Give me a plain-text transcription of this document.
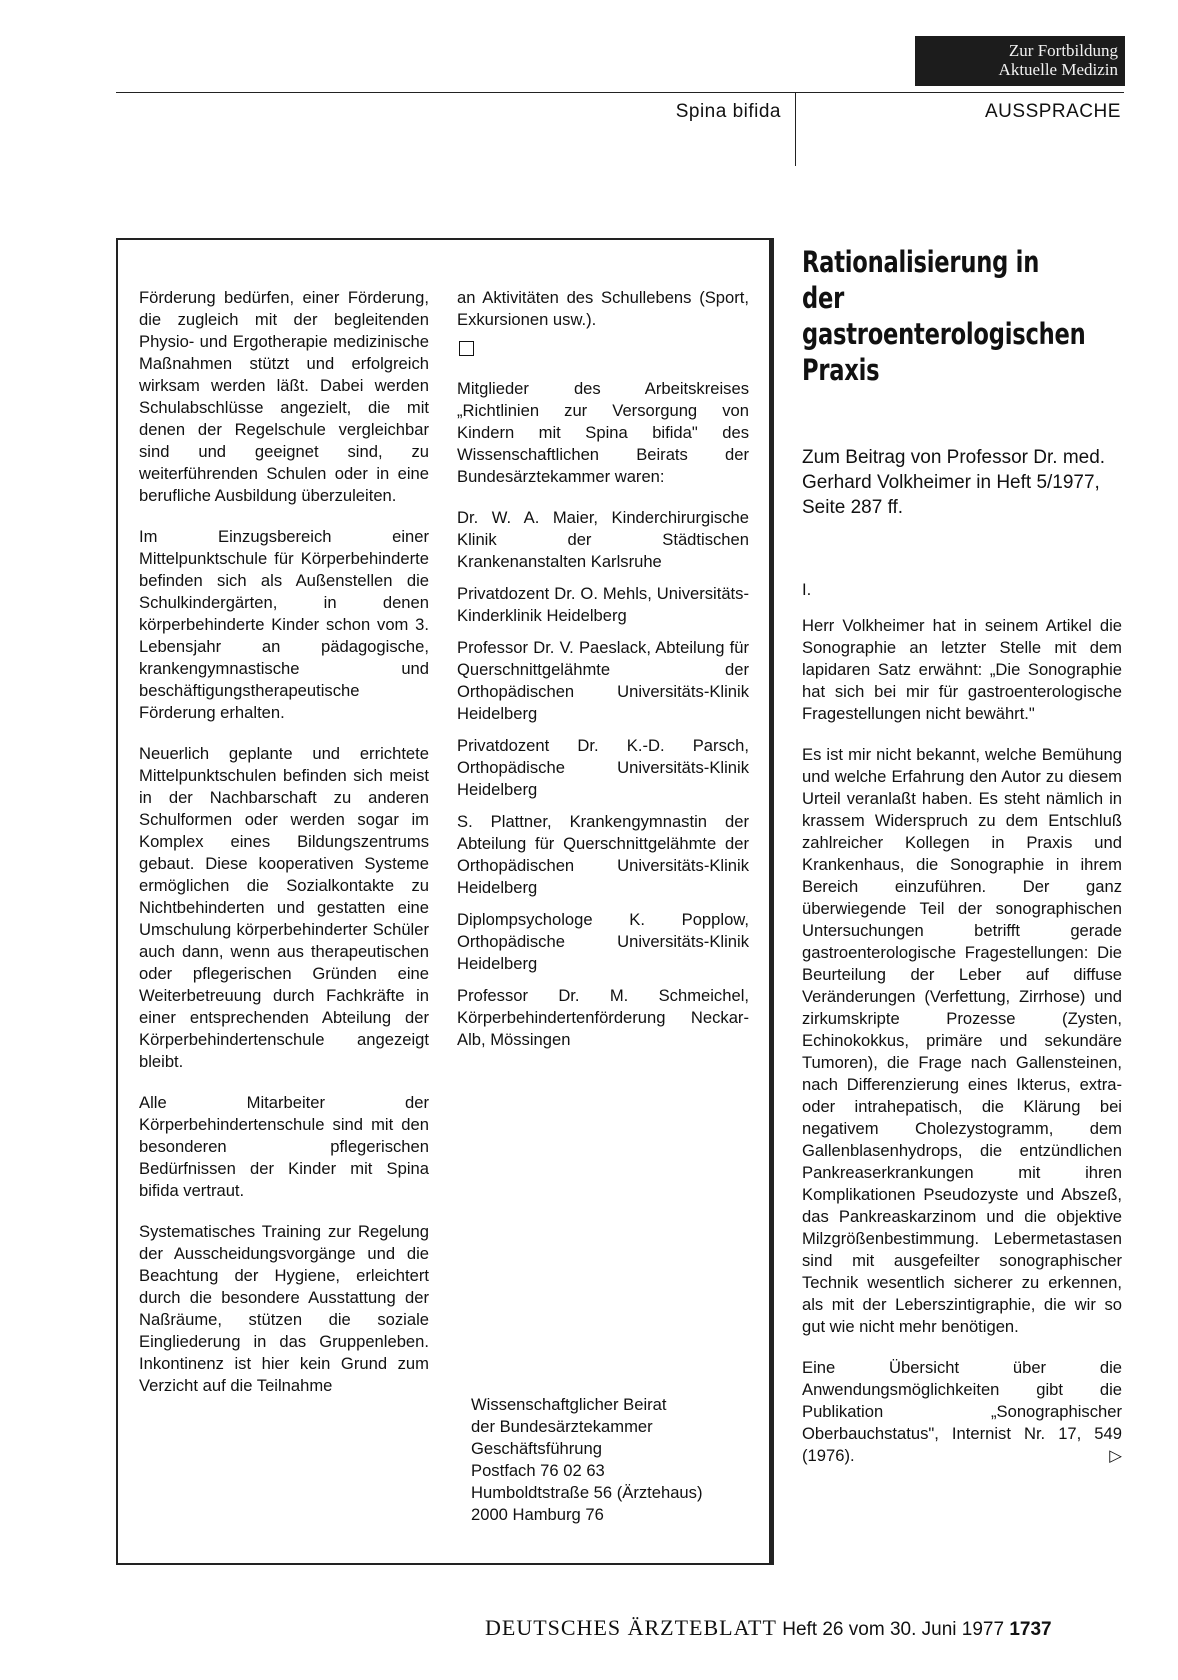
Zur Fortbildung
Aktuelle Medizin
Spina bifida	AUSSPRACHE

Förderung bedürfen, einer Förderung, die zugleich mit der begleitenden Physio- und Ergotherapie medizinische Maßnahmen stützt und erfolgreich wirksam werden läßt. Dabei werden Schulabschlüsse angezielt, die mit denen der Regelschule vergleichbar sind und geeignet sind, zu weiterführenden Schulen oder in eine berufliche Ausbildung überzuleiten.

Im Einzugsbereich einer Mittelpunktschule für Körperbehinderte befinden sich als Außenstellen die Schulkindergärten, in denen körperbehinderte Kinder schon vom 3. Lebensjahr an pädagogische, krankengymnastische und beschäftigungstherapeutische Förderung erhalten.

Neuerlich geplante und errichtete Mittelpunktschulen befinden sich meist in der Nachbarschaft zu anderen Schulformen oder werden sogar im Komplex eines Bildungszentrums gebaut. Diese kooperativen Systeme ermöglichen die Sozialkontakte zu Nichtbehinderten und gestatten eine Umschulung körperbehinderter Schüler auch dann, wenn aus therapeutischen oder pflegerischen Gründen eine Weiterbetreuung durch Fachkräfte in einer entsprechenden Abteilung der Körperbehindertenschule angezeigt bleibt.

Alle Mitarbeiter der Körperbehindertenschule sind mit den besonderen pflegerischen Bedürfnissen der Kinder mit Spina bifida vertraut.

Systematisches Training zur Regelung der Ausscheidungsvorgänge und die Beachtung der Hygiene, erleichtert durch die besondere Ausstattung der Naßräume, stützen die soziale Eingliederung in das Gruppenleben. Inkontinenz ist hier kein Grund zum Verzicht auf die Teilnahme

an Aktivitäten des Schullebens (Sport, Exkursionen usw.).

Mitglieder des Arbeitskreises „Richtlinien zur Versorgung von Kindern mit Spina bifida" des Wissenschaftlichen Beirats der Bundesärztekammer waren:

Dr. W. A. Maier, Kinderchirurgische Klinik der Städtischen Krankenanstalten Karlsruhe

Privatdozent Dr. O. Mehls, Universitäts-Kinderklinik Heidelberg

Professor Dr. V. Paeslack, Abteilung für Querschnittgelähmte der Orthopädischen Universitäts-Klinik Heidelberg

Privatdozent Dr. K.-D. Parsch, Orthopädische Universitäts-Klinik Heidelberg

S. Plattner, Krankengymnastin der Abteilung für Querschnittgelähmte der Orthopädischen Universitäts-Klinik Heidelberg

Diplompsychologe K. Popplow, Orthopädische Universitäts-Klinik Heidelberg

Professor Dr. M. Schmeichel, Körperbehindertenförderung Neckar-Alb, Mössingen

Wissenschaftglicher Beirat
der Bundesärztekammer
Geschäftsführung
Postfach 76 02 63
Humboldtstraße 56 (Ärztehaus)
2000 Hamburg 76
Rationalisierung in der gastroenterologischen Praxis
Zum Beitrag von Professor Dr. med. Gerhard Volkheimer in Heft 5/1977, Seite 287 ff.
I.

Herr Volkheimer hat in seinem Artikel die Sonographie an letzter Stelle mit dem lapidaren Satz erwähnt: „Die Sonographie hat sich bei mir für gastroenterologische Fragestellungen nicht bewährt."

Es ist mir nicht bekannt, welche Bemühung und welche Erfahrung den Autor zu diesem Urteil veranlaßt haben. Es steht nämlich in krassem Widerspruch zu dem Entschluß zahlreicher Kollegen in Praxis und Krankenhaus, die Sonographie in ihrem Bereich einzuführen. Der ganz überwiegende Teil der sonographischen Untersuchungen betrifft gerade gastroenterologische Fragestellungen: Die Beurteilung der Leber auf diffuse Veränderungen (Verfettung, Zirrhose) und zirkumskripte Prozesse (Zysten, Echinokokkus, primäre und sekundäre Tumoren), die Frage nach Gallensteinen, nach Differenzierung eines Ikterus, extra- oder intrahepatisch, die Klärung bei negativem Cholezystogramm, dem Gallenblasenhydrops, die entzündlichen Pankreaserkrankungen mit ihren Komplikationen Pseudozyste und Abszeß, das Pankreaskarzinom und die objektive Milzgrößenbestimmung. Lebermetastasen sind mit ausgefeilter sonographischer Technik wesentlich sicherer zu erkennen, als mit der Leberszintigraphie, die wir so gut wie nicht mehr benötigen.

Eine Übersicht über die Anwendungsmöglichkeiten gibt die Publikation „Sonographischer Oberbauchstatus", Internist Nr. 17, 549 (1976).	▷

DEUTSCHES ÄRZTEBLATT Heft 26 vom 30. Juni 1977 1737
